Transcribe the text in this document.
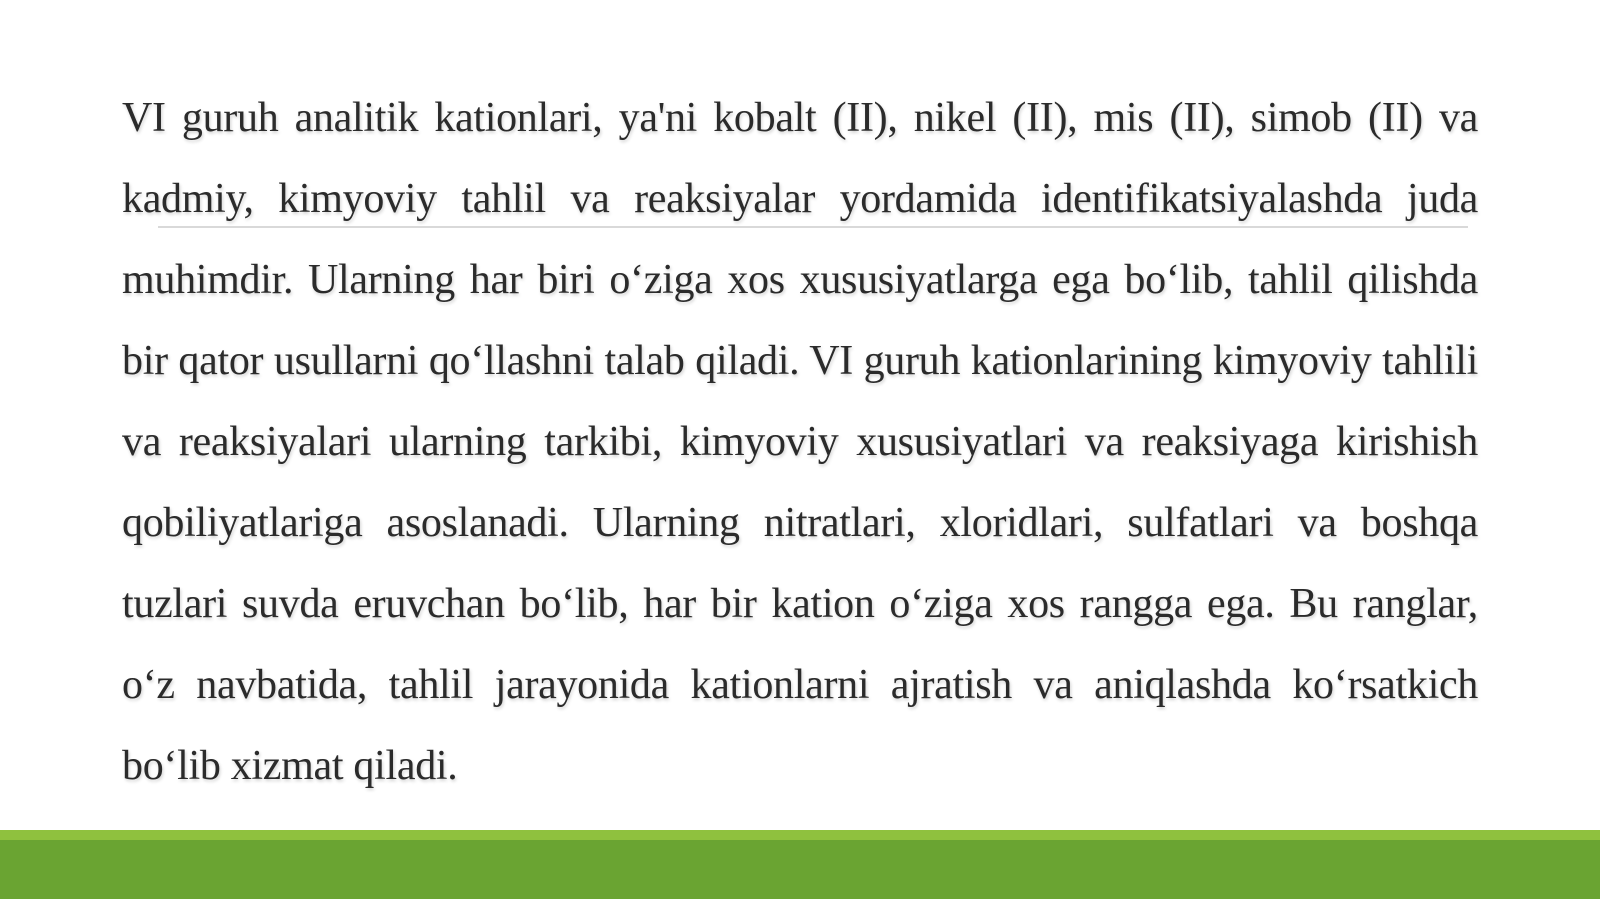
VI guruh analitik kationlari, ya'ni kobalt (II), nikel (II), mis (II), simob (II) va kadmiy, kimyoviy tahlil va reaksiyalar yordamida identifikatsiyalashda juda muhimdir. Ularning har biri o‘ziga xos xususiyatlarga ega bo‘lib, tahlil qilishda bir qator usullarni qo‘llashni talab qiladi. VI guruh kationlarining kimyoviy tahlili va reaksiyalari ularning tarkibi, kimyoviy xususiyatlari va reaksiyaga kirishish qobiliyatlariga asoslanadi. Ularning nitratlari, xloridlari, sulfatlari va boshqa tuzlari suvda eruvchan bo‘lib, har bir kation o‘ziga xos rangga ega. Bu ranglar, o‘z navbatida, tahlil jarayonida kationlarni ajratish va aniqlashda ko‘rsatkich bo‘lib xizmat qiladi.
